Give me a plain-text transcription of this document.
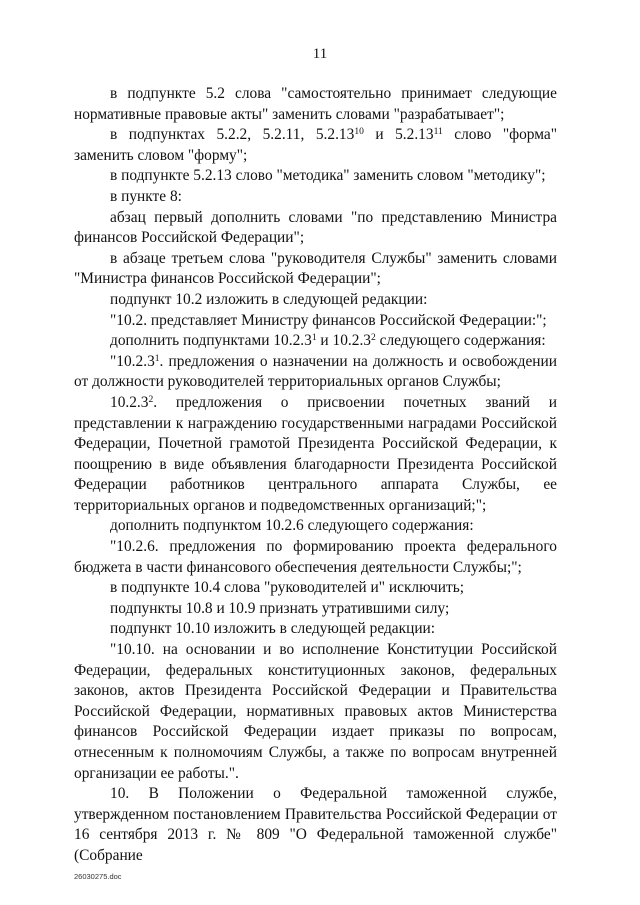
11

в подпункте 5.2 слова "самостоятельно принимает следующие нормативные правовые акты" заменить словами "разрабатывает";

в подпунктах 5.2.2, 5.2.11, 5.2.13$^{10}$ и 5.2.13$^{11}$ слово "форма" заменить словом "форму";

в подпункте 5.2.13 слово "методика" заменить словом "методику";

в пункте 8:

абзац первый дополнить словами "по представлению Министра финансов Российской Федерации";

в абзаце третьем слова "руководителя Службы" заменить словами "Министра финансов Российской Федерации";

подпункт 10.2 изложить в следующей редакции:

"10.2. представляет Министру финансов Российской Федерации:";

дополнить подпунктами 10.2.3$^1$ и 10.2.3$^2$ следующего содержания:

"10.2.3$^1$. предложения о назначении на должность и освобождении от должности руководителей территориальных органов Службы;

10.2.3$^2$. предложения о присвоении почетных званий и представлении к награждению государственными наградами Российской Федерации, Почетной грамотой Президента Российской Федерации, к поощрению в виде объявления благодарности Президента Российской Федерации работников центрального аппарата Службы, ее территориальных органов и подведомственных организаций;";

дополнить подпунктом 10.2.6 следующего содержания:

"10.2.6. предложения по формированию проекта федерального бюджета в части финансового обеспечения деятельности Службы;";

в подпункте 10.4 слова "руководителей и" исключить;

подпункты 10.8 и 10.9 признать утратившими силу;

подпункт 10.10 изложить в следующей редакции:

"10.10. на основании и во исполнение Конституции Российской Федерации, федеральных конституционных законов, федеральных законов, актов Президента Российской Федерации и Правительства Российской Федерации, нормативных правовых актов Министерства финансов Российской Федерации издает приказы по вопросам, отнесенным к полномочиям Службы, а также по вопросам внутренней организации ее работы.".

10. В Положении о Федеральной таможенной службе, утвержденном постановлением Правительства Российской Федерации от 16 сентября 2013 г. № 809 "О Федеральной таможенной службе" (Собрание

26030275.doc
